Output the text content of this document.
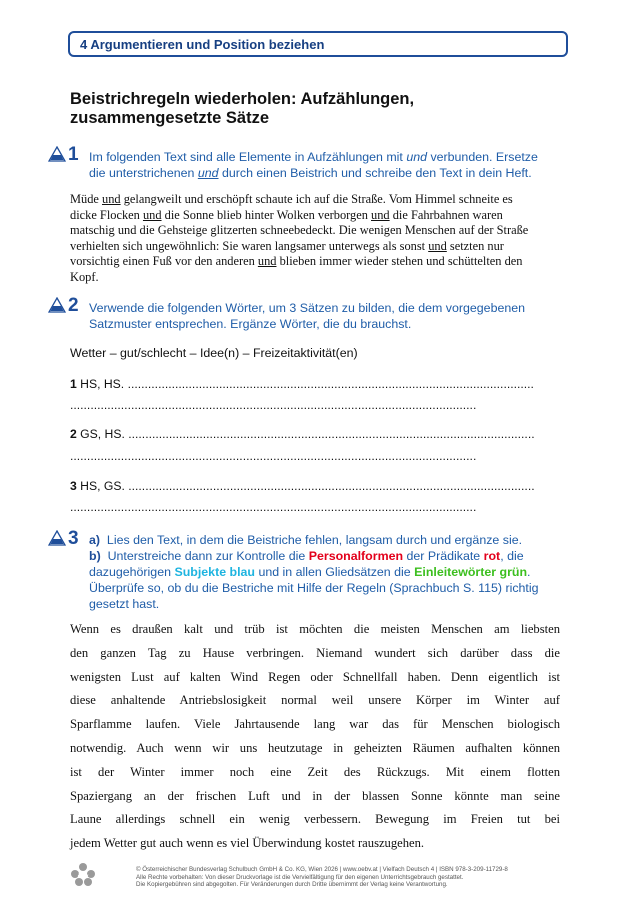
4 Argumentieren und Position beziehen
Beistrichregeln wiederholen: Aufzählungen,
zusammengesetzte Sätze
1 Im folgenden Text sind alle Elemente in Aufzählungen mit und verbunden. Ersetze
die unterstrichenen und durch einen Beistrich und schreibe den Text in dein Heft.
Müde und gelangweilt und erschöpft schaute ich auf die Straße. Vom Himmel schneite es
dicke Flocken und die Sonne blieb hinter Wolken verborgen und die Fahrbahnen waren
matschig und die Gehsteige glitzerten schneebedeckt. Die wenigen Menschen auf der Straße
verhielten sich ungewöhnlich: Sie waren langsamer unterwegs als sonst und setzten nur
vorsichtig einen Fuß vor den anderen und blieben immer wieder stehen und schüttelten den
Kopf.
2 Verwende die folgenden Wörter, um 3 Sätzen zu bilden, die dem vorgegebenen
Satzmuster entsprechen. Ergänze Wörter, die du brauchst.
Wetter – gut/schlecht – Idee(n) – Freizeitaktivität(en)
1 HS, HS. ........................................................................................................................
........................................................................................................................
2 GS, HS. ........................................................................................................................
........................................................................................................................
3 HS, GS. ........................................................................................................................
........................................................................................................................
3 a) Lies den Text, in dem die Beistriche fehlen, langsam durch und ergänze sie.
b) Unterstreiche dann zur Kontrolle die Personalformen der Prädikate rot, die
dazugehörigen Subjekte blau und in allen Gliedsätzen die Einleitewörter grün.
Überprüfe so, ob du die Bestriche mit Hilfe der Regeln (Sprachbuch S. 115) richtig
gesetzt hast.
Wenn es draußen kalt und trüb ist möchten die meisten Menschen am liebsten
den ganzen Tag zu Hause verbringen. Niemand wundert sich darüber dass die
wenigsten Lust auf kalten Wind Regen oder Schnellfall haben. Denn eigentlich ist
diese anhaltende Antriebslosigkeit normal weil unsere Körper im Winter auf
Sparflamme laufen. Viele Jahrtausende lang war das für Menschen biologisch
notwendig. Auch wenn wir uns heutzutage in geheizten Räumen aufhalten können
ist der Winter immer noch eine Zeit des Rückzugs. Mit einem flotten
Spaziergang an der frischen Luft und in der blassen Sonne könnte man seine
Laune allerdings schnell ein wenig verbessern. Bewegung im Freien tut bei
jedem Wetter gut auch wenn es viel Überwindung kostet rauszugehen.
öbv
© Österreichischer Bundesverlag Schulbuch GmbH & Co. KG, Wien 2026 | www.oebv.at | Vielfach Deutsch 4 | ISBN 978-3-209-11729-8
Alle Rechte vorbehalten: Von dieser Druckvorlage ist die Vervielfältigung für den eigenen Unterrichtsgebrauch gestattet.
Die Kopiergebühren sind abgegolten. Für Veränderungen durch Dritte übernimmt der Verlag keine Verantwortung.
